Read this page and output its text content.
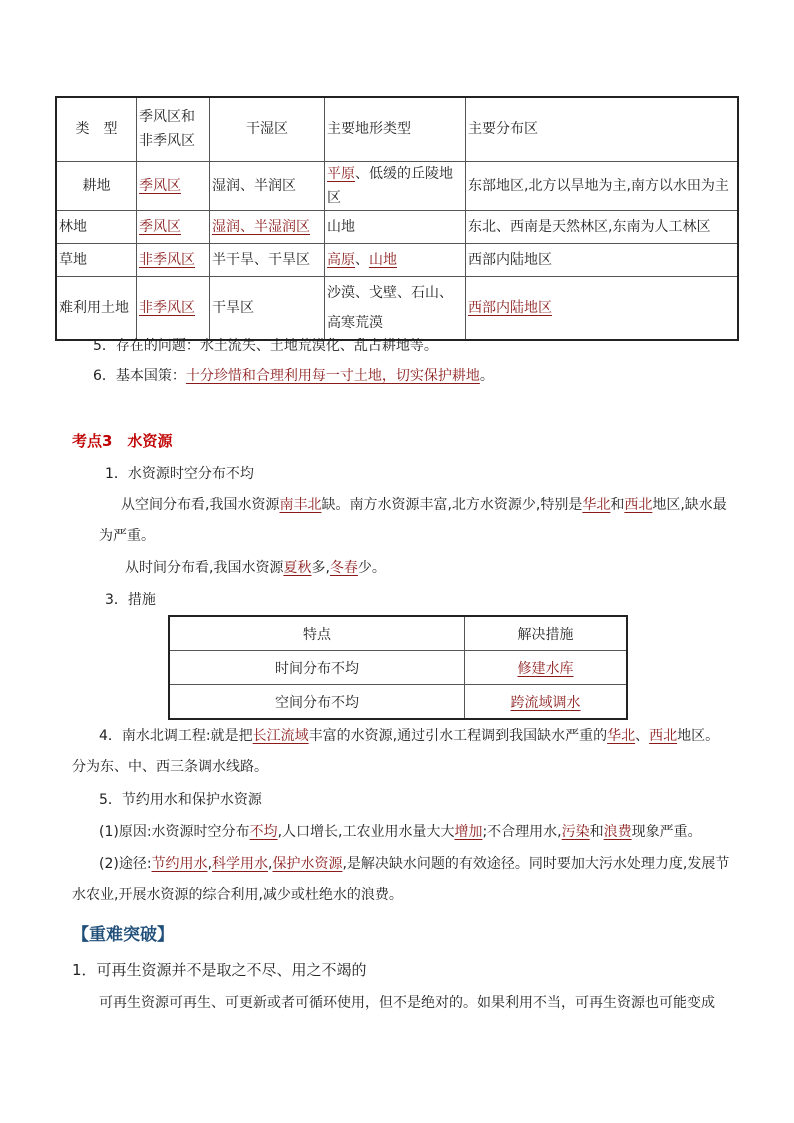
类　型	季风区和非季风区	干湿区	主要地形类型	主要分布区
耕地	季风区	湿润、半润区	平原、低缓的丘陵地区	东部地区,北方以旱地为主,南方以水田为主
林地	季风区	湿润、半湿润区	山地	东北、西南是天然林区,东南为人工林区
草地	非季风区	半干旱、干旱区	高原、山地	西部内陆地区
难利用土地	非季风区	干旱区	沙漠、戈壁、石山、高寒荒漠	西部内陆地区
5．存在的问题：水土流失、土地荒漠化、乱占耕地等。
6．基本国策：十分珍惜和合理利用每一寸土地，切实保护耕地。
考点3　水资源
1．水资源时空分布不均
从空间分布看,我国水资源南丰北缺。南方水资源丰富,北方水资源少,特别是华北和西北地区,缺水最
为严重。
从时间分布看,我国水资源夏秋多,冬春少。
3．措施
特点	解决措施
时间分布不均	修建水库
空间分布不均	跨流域调水
4．南水北调工程:就是把长江流域丰富的水资源,通过引水工程调到我国缺水严重的华北、西北地区。
分为东、中、西三条调水线路。
5．节约用水和保护水资源
(1)原因:水资源时空分布不均,人口增长,工农业用水量大大增加;不合理用水,污染和浪费现象严重。
(2)途径:节约用水,科学用水,保护水资源,是解决缺水问题的有效途径。同时要加大污水处理力度,发展节
水农业,开展水资源的综合利用,减少或杜绝水的浪费。
【重难突破】
1．可再生资源并不是取之不尽、用之不竭的
可再生资源可再生、可更新或者可循环使用，但不是绝对的。如果利用不当，可再生资源也可能变成
